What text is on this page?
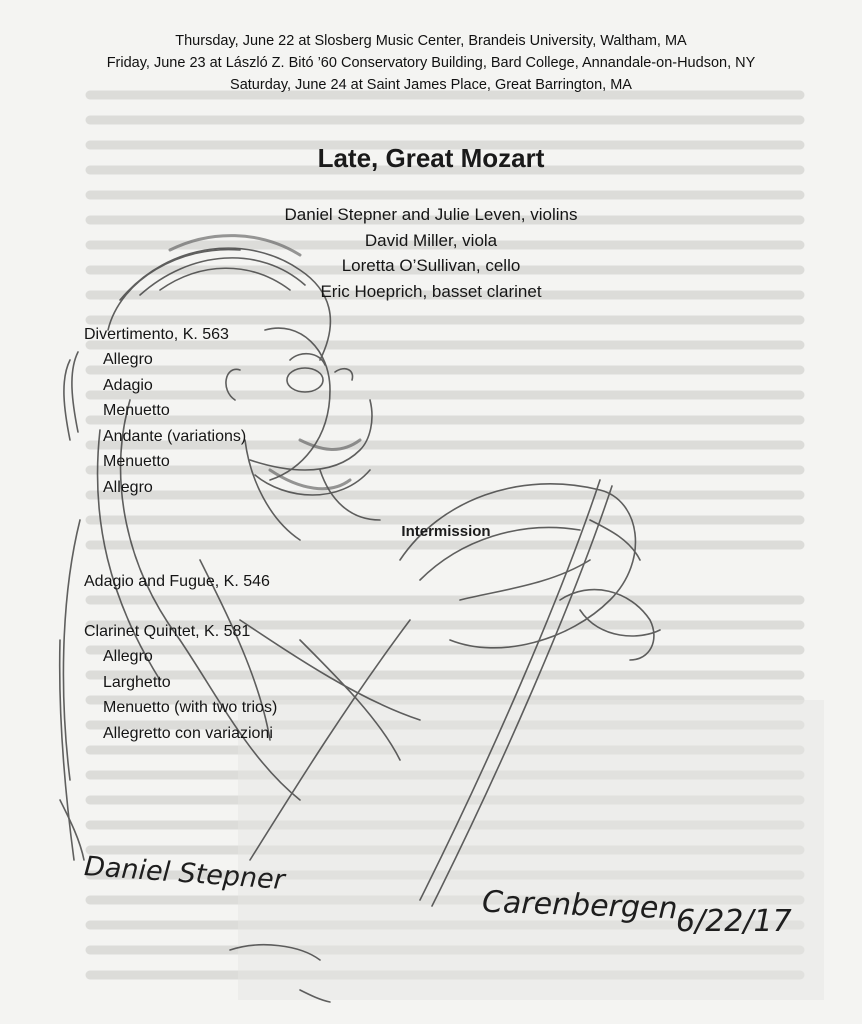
Thursday, June 22 at Slosberg Music Center, Brandeis University, Waltham, MA
Friday, June 23 at László Z. Bitó ’60 Conservatory Building, Bard College, Annandale-on-Hudson, NY
Saturday, June 24 at Saint James Place, Great Barrington, MA
Late, Great Mozart
Daniel Stepner and Julie Leven, violins
David Miller, viola
Loretta O’Sullivan, cello
Eric Hoeprich, basset clarinet
Divertimento, K. 563
Allegro
Adagio
Menuetto
Andante (variations)
Menuetto
Allegro
Intermission
Adagio and Fugue, K. 546
Clarinet Quintet, K. 581
Allegro
Larghetto
Menuetto (with two trios)
Allegretto con variazioni
Daniel Stepner
Carenbergen
6/22/17
